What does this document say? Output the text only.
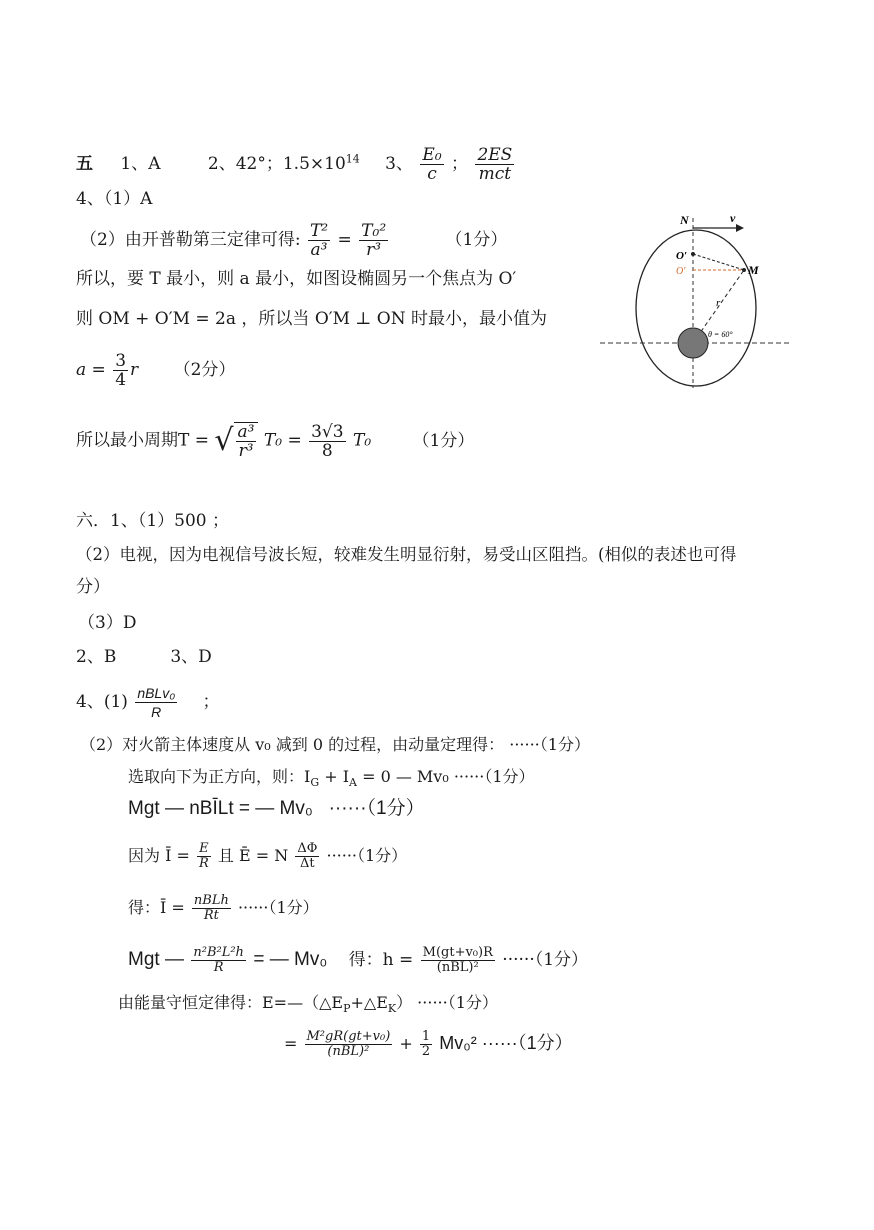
五 1、A	2、42°；$1.5\times 10^{14}$ 3、 $\frac{\text{E₀}}{c}$ ； $\frac{2ES}{\text{mct}}$
4、（1）A
（2）由开普勒第三定律可得: $\frac{\text{T²}}{\text{a³}} = \frac{\text{T₀²}}{\text{r³}}$	（1分）
所以，要 T 最小，则 a 最小，如图设椭圆另一个焦点为 O′
则 OM + O′M = 2a ，所以当 O′M ⊥ ON 时最小，最小值为
$a = \frac{3}{4}$ r （2分）
所以最小周期T = √ $\frac{\text{a³}}{\text{r³}} T_0 = \frac{3√3}{8} T_0$ （1分）
N	v
O′
O′	M
r
θ = 60°
六．1、（1）500 ；
（2）电视，因为电视信号波长短，较难发生明显衍射，易受山区阻挡。(相似的表述也可得
分）
（3）D
2、B          3、D
4、$(1) \frac{\text{nBLv₀}}{R}$ ；
（2）对火箭主体速度从 v₀ 减到 0 的过程，由动量定理得： ······（1分）
选取向下为正方向，则：$I_G + I_A = 0$ — Mv₀ ······（1分）
Mgt — nBĪLt = — Mv₀   ······（1分）
因为 Ī = $\frac{E}{R}$ 且 Ē = N $\frac{\Delta\Phi}{\Delta t} \cdot\cdot\cdot\cdot\cdot\cdot(1$分）
得：Ī = $\frac{\text{nBLh}}{Rt} \cdot\cdot\cdot\cdot\cdot\cdot(1$分）
Mgt — $\frac{\text{n²B²L²h}}{R}$ = — Mv₀ 得：$h = \frac{\text{M(gt+v₀)R}}{\text{(nBL)²}} \cdot\cdot\cdot\cdot\cdot\cdot(1$分）
由能量守恒定律得：$E=—(\triangle E_P+\triangle E_K) \cdot\cdot\cdot\cdot\cdot\cdot(1$分）
= $\frac{\text{M²gR(gt+v₀)}}{\text{(nBL)²}} + \frac{1}{2} Mv_0^2 \cdot\cdot\cdot\cdot\cdot\cdot(1$分）
